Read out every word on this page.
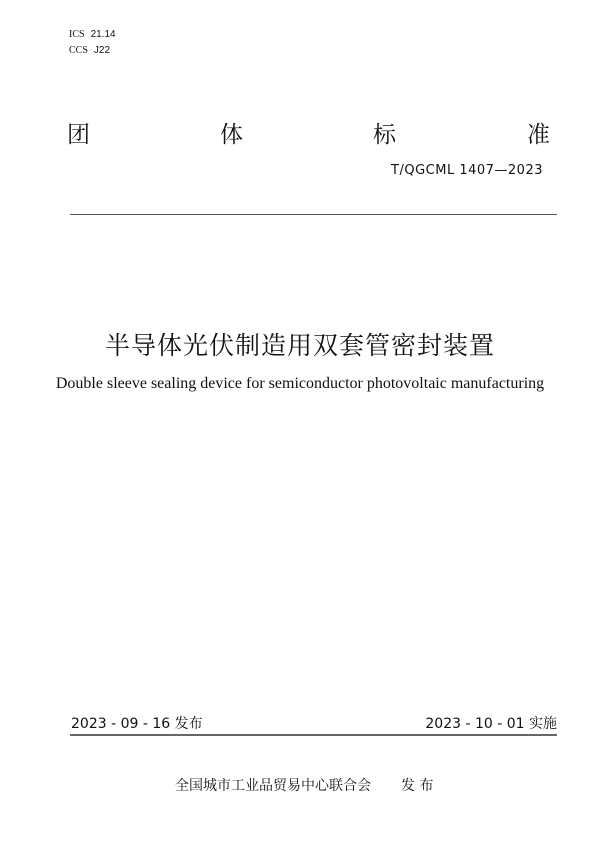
ICS 21.14
CCS J22
团	体	标	准
T/QGCML 1407—2023
半导体光伏制造用双套管密封装置
Double sleeve sealing device for semiconductor photovoltaic manufacturing
2023 - 09 - 16 发布	2023 - 10 - 01 实施
全国城市工业品贸易中心联合会 发 布
